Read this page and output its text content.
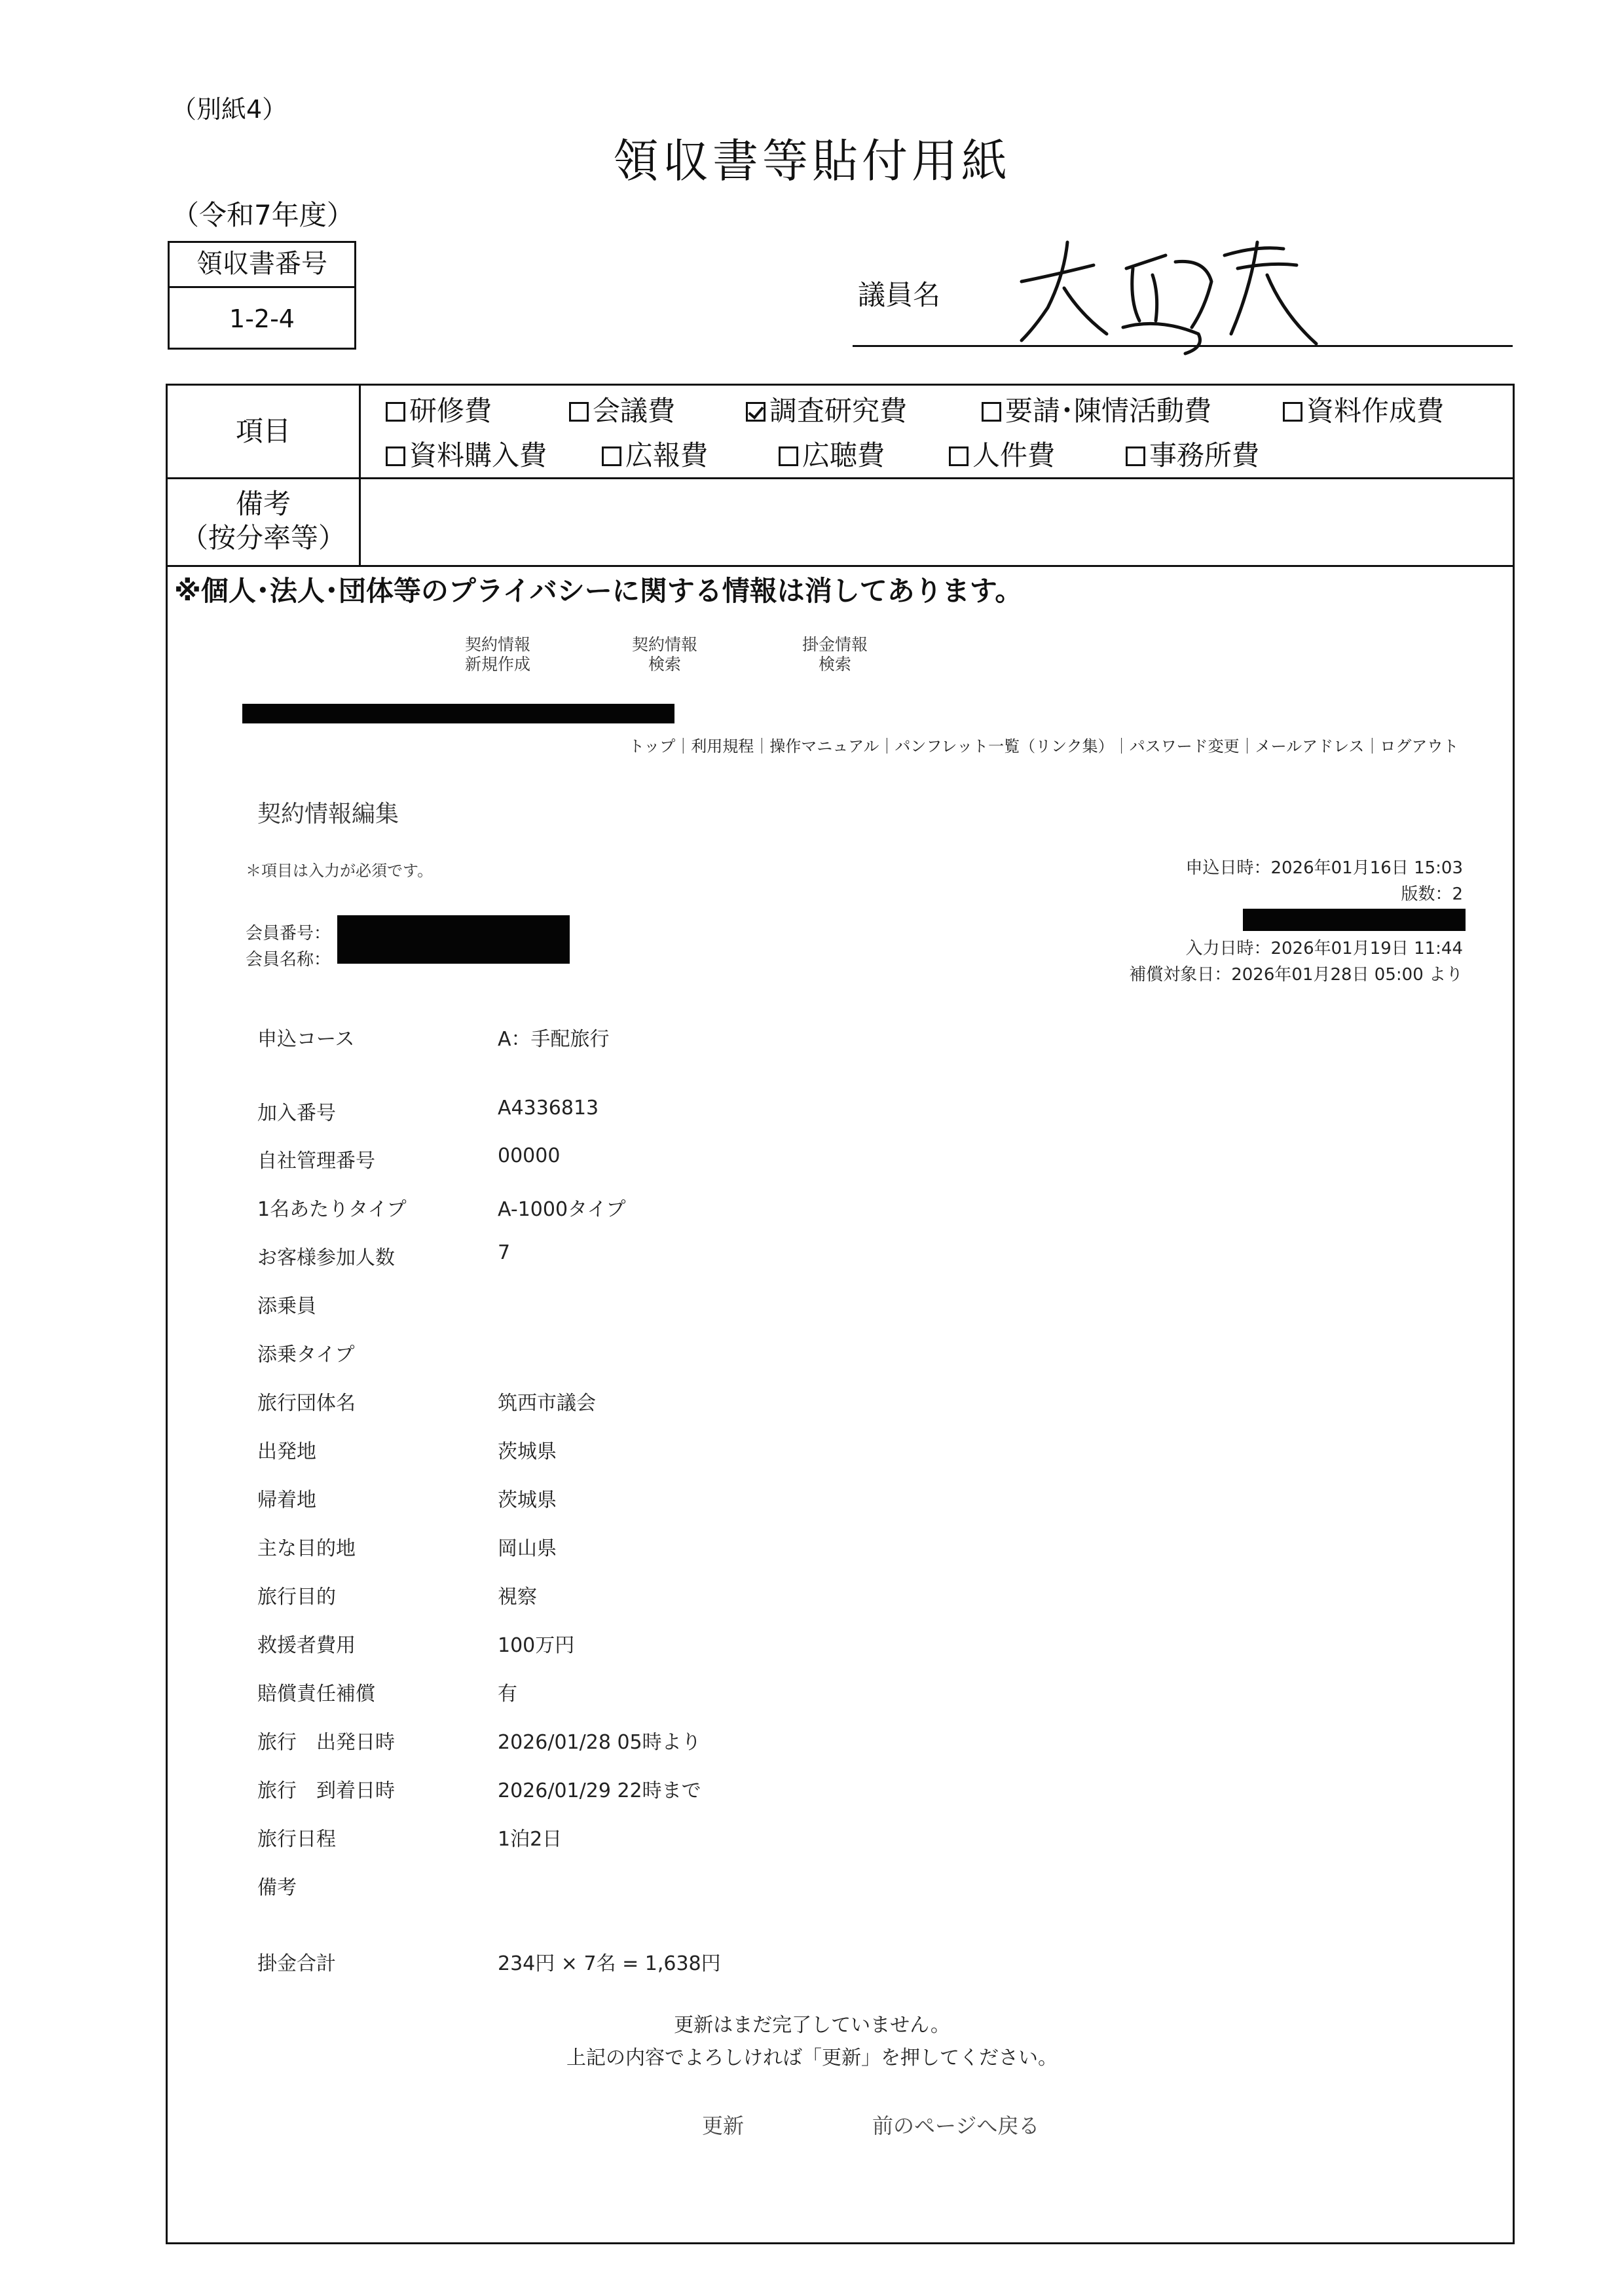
（別紙4）
領収書等貼付用紙
（令和7年度）
領収書番号
1-2-4
議員名
項目
研修費	会議費	調査研究費	要請･陳情活動費	資料作成費
資料購入費	広報費	広聴費	人件費	事務所費
備考
（按分率等）
※個人･法人･団体等のプライバシーに関する情報は消してあります。
契約情報
新規作成
契約情報
検索
掛金情報
検索
トップ｜利用規程｜操作マニュアル｜パンフレット一覧（リンク集）｜パスワード変更｜メールアドレス｜ログアウト
契約情報編集
＊項目は入力が必須です。	申込日時：2026年01月16日 15:03
版数：2
入力日時：2026年01月19日 11:44
補償対象日：2026年01月28日 05:00 より
会員番号：
会員名称：
申込コース	A：手配旅行
加入番号	A4336813
自社管理番号	00000
1名あたりタイプ	A-1000タイプ
お客様参加人数	7
添乗員
添乗タイプ
旅行団体名	筑西市議会
出発地	茨城県
帰着地	茨城県
主な目的地	岡山県
旅行目的	視察
救援者費用	100万円
賠償責任補償	有
旅行　出発日時	2026/01/28 05時より
旅行　到着日時	2026/01/29 22時まで
旅行日程	1泊2日
備考
掛金合計	234円 × 7名 = 1,638円
更新はまだ完了していません。
上記の内容でよろしければ「更新」を押してください。
更新	前のページへ戻る
